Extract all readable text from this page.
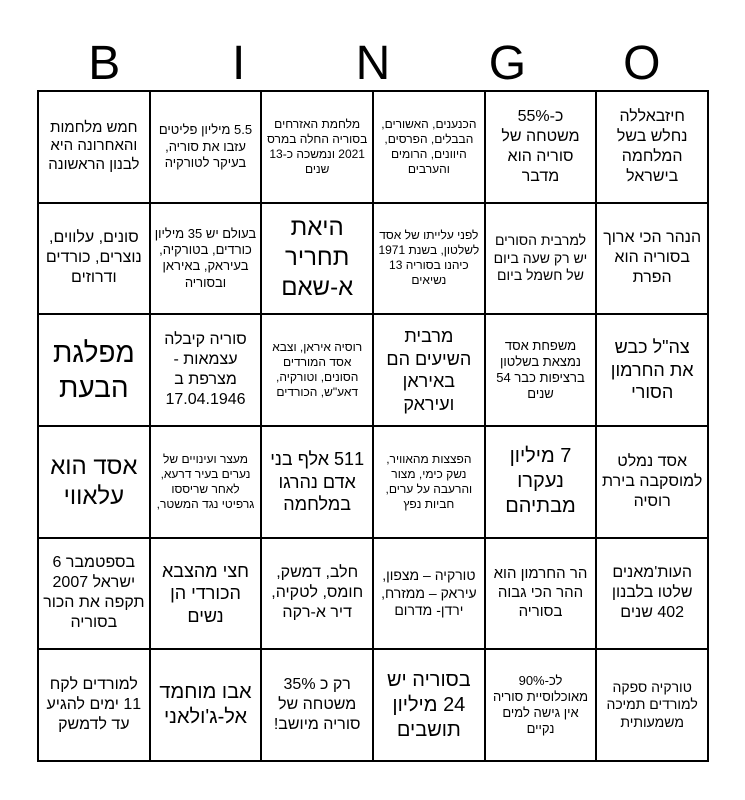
B	I	N	G	O
חיזבאללה נחלש בשל המלחמה בישראל
כ-55% משטחה של סוריה הוא מדבר
הכנענים, האשורים, הבבלים, הפרסים, היוונים, הרומים והערבים
מלחמת האזרחים בסוריה החלה במרס 2021 ונמשכה כ-13 שנים
5.5 מיליון פליטים עזבו את סוריה, בעיקר לטורקיה
חמש מלחמות והאחרונה היא לבנון הראשונה
הנהר הכי ארוך בסוריה הוא הפרת
למרבית הסורים יש רק שעה ביום של חשמל ביום
לפני עלייתו של אסד לשלטון, בשנת 1971 כיהנו בסוריה 13 נשיאים
היאת תחריר א-שאם
בעולם יש 35 מיליון כורדים, בטורקיה, בעיראק, באיראן ובסוריה
סונים, עלווים, נוצרים, כורדים ודרוזים
צה"ל כבש את החרמון הסורי
משפחת אסד נמצאת בשלטון ברציפות כבר 54 שנים
מרבית השיעים הם באיראן ועיראק
רוסיה איראן, וצבא אסד המורדים הסונים, וטורקיה, דאע"ש, הכורדים
סוריה קיבלה עצמאות - מצרפת ב 17.04.1946
מפלגת הבעת
אסד נמלט למוסקבה בירת רוסיה
7 מיליון נעקרו מבתיהם
הפצצות מהאוויר, נשק כימי, מצור והרעבה על ערים, חביות נפץ
511 אלף בני אדם נהרגו במלחמה
מעצר ועינויים של נערים בעיר דרעא, לאחר שריססו גרפיטי נגד המשטר,
אסד הוא עלאווי
העות'מאנים שלטו בלבנון 402 שנים
הר החרמון הוא ההר הכי גבוה בסוריה
טורקיה – מצפון, עיראק – ממזרח, ירדן- מדרום
חלב, דמשק, חומס, לטקיה, דיר א-רקה
חצי מהצבא הכורדי הן נשים
בספטמבר 6 ישראל 2007 תקפה את הכור בסוריה
טורקיה ספקה למורדים תמיכה משמעותית
לכ-90% מאוכלוסיית סוריה אין גישה למים נקיים
בסוריה יש 24 מיליון תושבים
רק כ 35% משטחה של סוריה מיושב!
אבו מוחמד אל-ג'ולאני
למורדים לקח 11 ימים להגיע עד לדמשק
